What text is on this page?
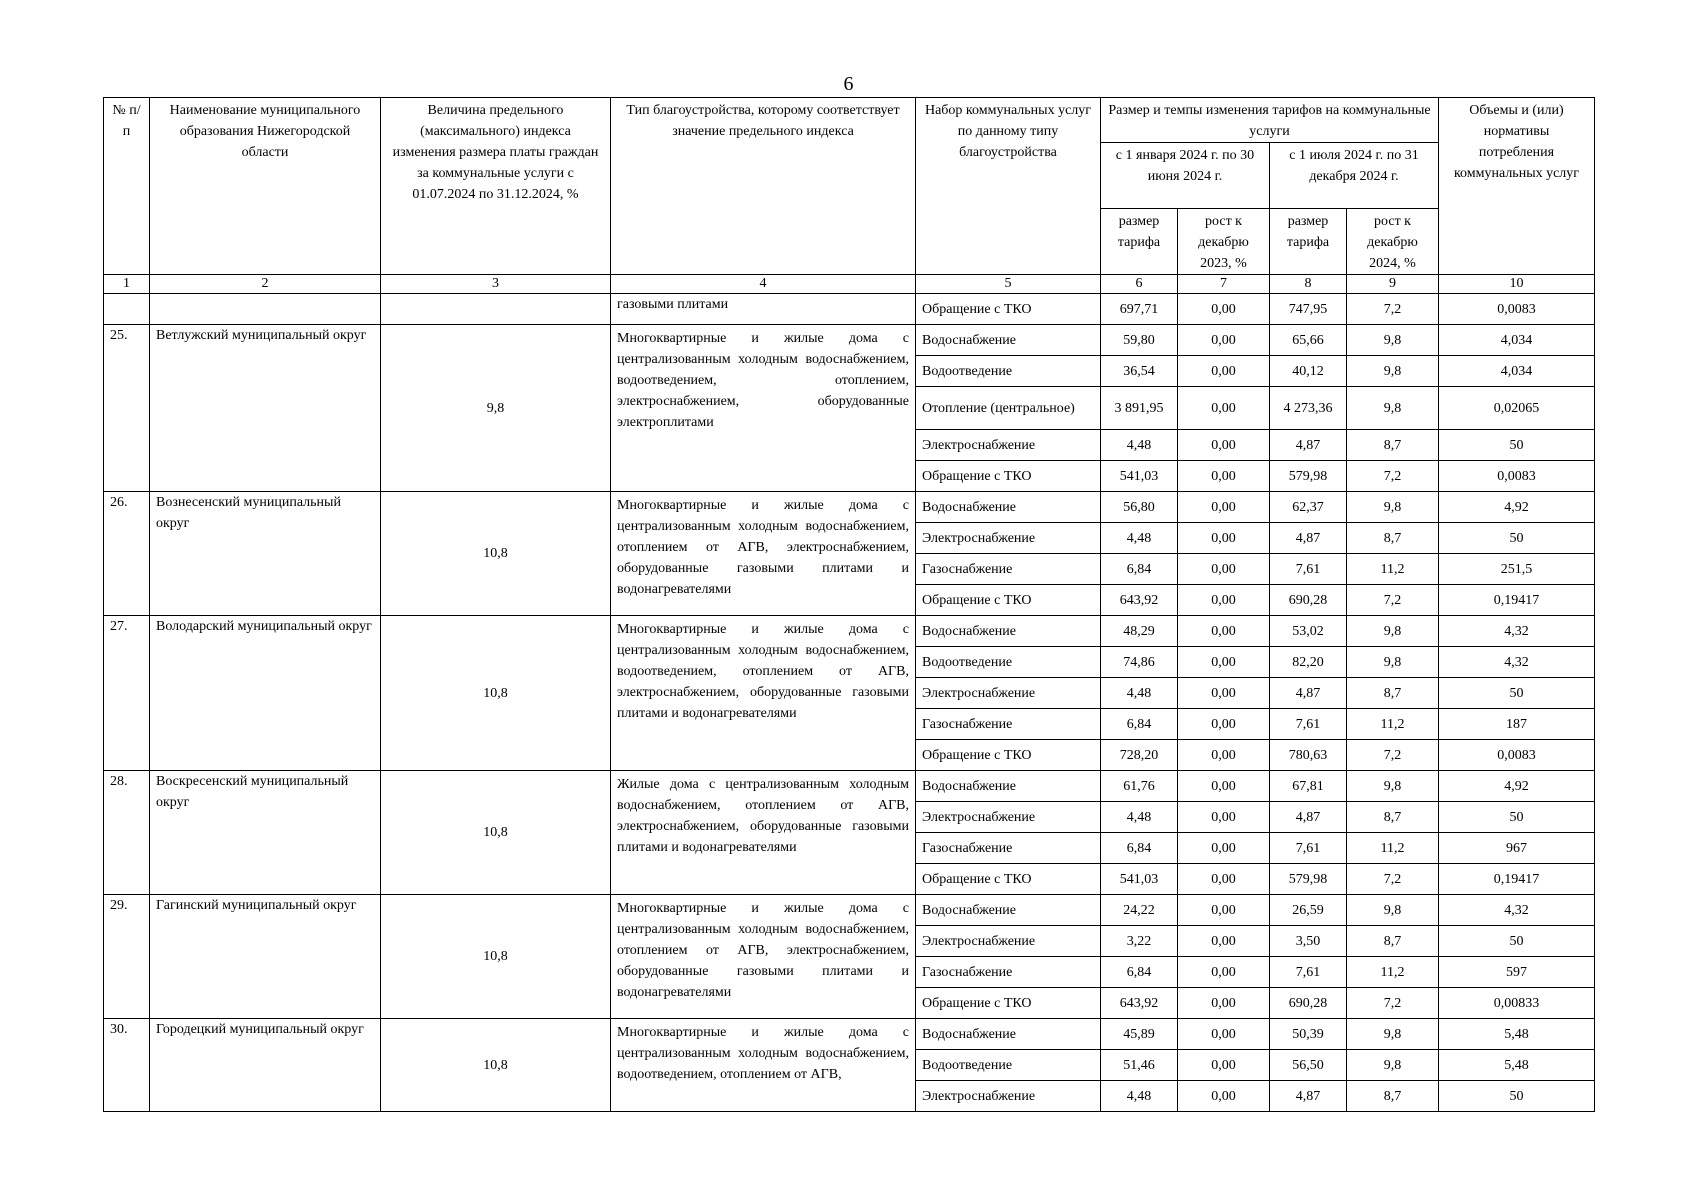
6
№ п/п	Наименование муниципального образования Нижегородской области	Величина предельного (максимального) индекса изменения размера платы граждан за коммунальные услуги с 01.07.2024 по 31.12.2024, %	Тип благоустройства, которому соответствует значение предельного индекса	Набор коммунальных услуг по данному типу благоустройства	Размер и темпы изменения тарифов на коммунальные услуги				Объемы и (или) нормативы потребления коммунальных услуг
					с 1 января 2024 г. по 30 июня 2024 г.		с 1 июля 2024 г. по 31 декабря 2024 г.		
					размер тарифа	рост к декабрю 2023, %	размер тарифа	рост к декабрю 2024, %	
1	2	3	4	5	6	7	8	9	10
			газовыми плитами	Обращение с ТКО	697,71	0,00	747,95	7,2	0,0083
25.	Ветлужский муниципальный округ	9,8	Многоквартирные и жилые дома с централизованным холодным водоснабжением, водоотведением, отоплением, электроснабжением, оборудованные электроплитами	Водоснабжение	59,80	0,00	65,66	9,8	4,034
				Водоотведение	36,54	0,00	40,12	9,8	4,034
				Отопление (центральное)	3 891,95	0,00	4 273,36	9,8	0,02065
				Электроснабжение	4,48	0,00	4,87	8,7	50
				Обращение с ТКО	541,03	0,00	579,98	7,2	0,0083
26.	Вознесенский муниципальный округ	10,8	Многоквартирные и жилые дома с централизованным холодным водоснабжением, отоплением от АГВ, электроснабжением, оборудованные газовыми плитами и водонагревателями	Водоснабжение	56,80	0,00	62,37	9,8	4,92
				Электроснабжение	4,48	0,00	4,87	8,7	50
				Газоснабжение	6,84	0,00	7,61	11,2	251,5
				Обращение с ТКО	643,92	0,00	690,28	7,2	0,19417
27.	Володарский муниципальный округ	10,8	Многоквартирные и жилые дома с централизованным холодным водоснабжением, водоотведением, отоплением от АГВ, электроснабжением, оборудованные газовыми плитами и водонагревателями	Водоснабжение	48,29	0,00	53,02	9,8	4,32
				Водоотведение	74,86	0,00	82,20	9,8	4,32
				Электроснабжение	4,48	0,00	4,87	8,7	50
				Газоснабжение	6,84	0,00	7,61	11,2	187
				Обращение с ТКО	728,20	0,00	780,63	7,2	0,0083
28.	Воскресенский муниципальный округ	10,8	Жилые дома с централизованным холодным водоснабжением, отоплением от АГВ, электроснабжением, оборудованные газовыми плитами и водонагревателями	Водоснабжение	61,76	0,00	67,81	9,8	4,92
				Электроснабжение	4,48	0,00	4,87	8,7	50
				Газоснабжение	6,84	0,00	7,61	11,2	967
				Обращение с ТКО	541,03	0,00	579,98	7,2	0,19417
29.	Гагинский муниципальный округ	10,8	Многоквартирные и жилые дома с централизованным холодным водоснабжением, отоплением от АГВ, электроснабжением, оборудованные газовыми плитами и водонагревателями	Водоснабжение	24,22	0,00	26,59	9,8	4,32
				Электроснабжение	3,22	0,00	3,50	8,7	50
				Газоснабжение	6,84	0,00	7,61	11,2	597
				Обращение с ТКО	643,92	0,00	690,28	7,2	0,00833
30.	Городецкий муниципальный округ	10,8	Многоквартирные и жилые дома с централизованным холодным водоснабжением, водоотведением, отоплением от АГВ,	Водоснабжение	45,89	0,00	50,39	9,8	5,48
				Водоотведение	51,46	0,00	56,50	9,8	5,48
				Электроснабжение	4,48	0,00	4,87	8,7	50
